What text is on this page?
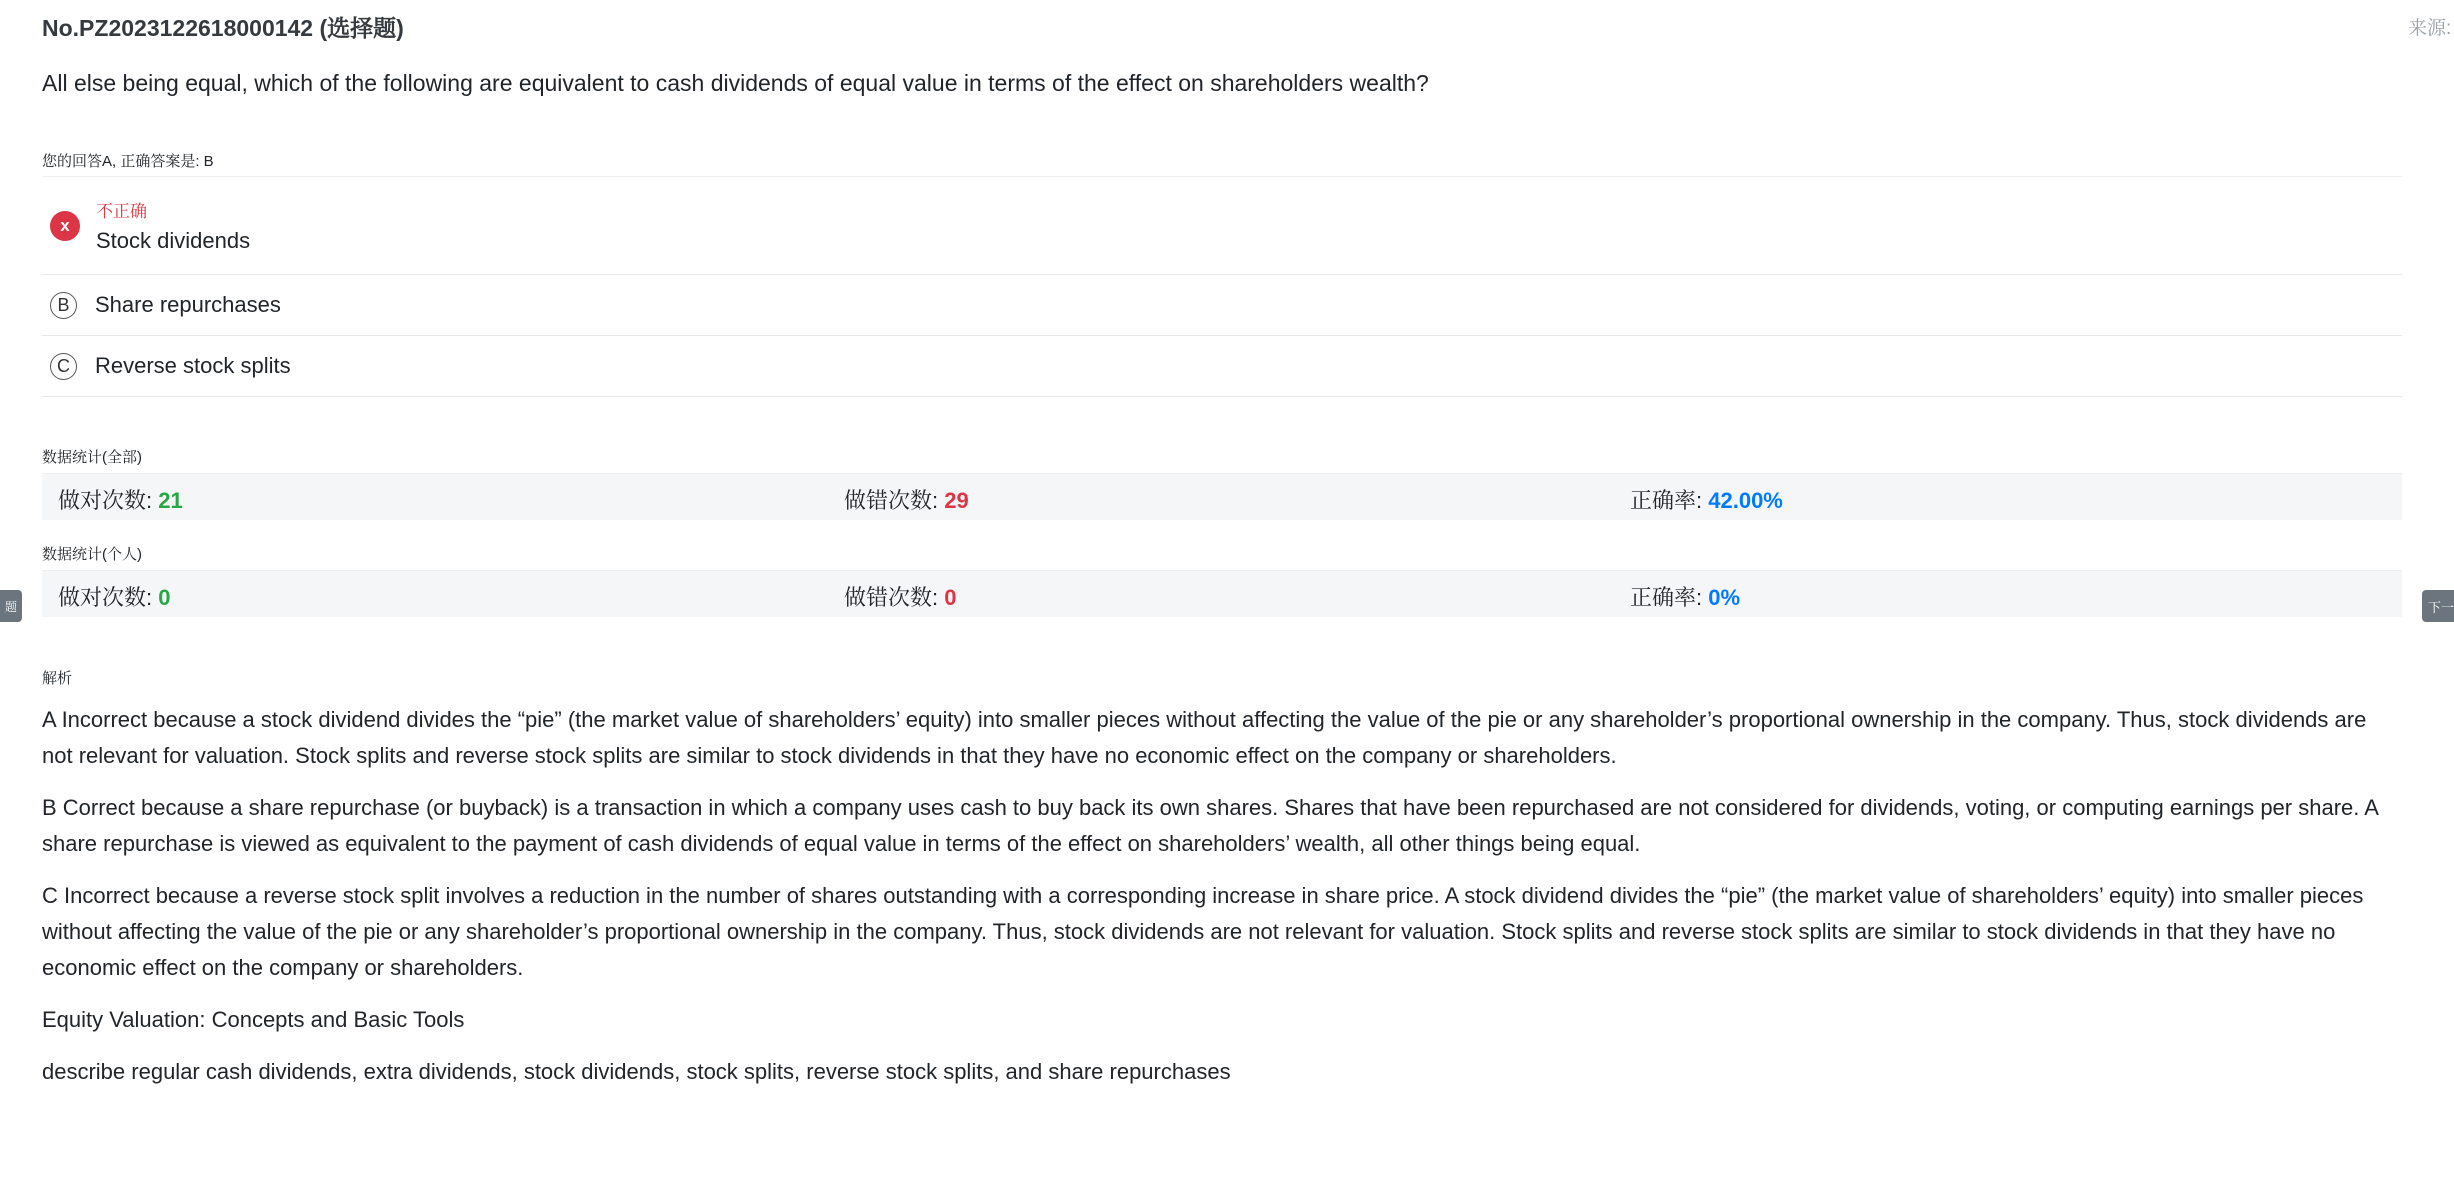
题	下一
来源:
No.PZ2023122618000142 (选择题)
All else being equal, which of the following are equivalent to cash dividends of equal value in terms of the effect on shareholders wealth?
您的回答A, 正确答案是: B
x
不正确
Stock dividends
B	Share repurchases
C	Reverse stock splits
数据统计(全部)
做对次数: 21	做错次数: 29	正确率: 42.00%
数据统计(个人)
做对次数: 0	做错次数: 0	正确率: 0%
解析

A Incorrect because a stock dividend divides the “pie” (the market value of shareholders’ equity) into smaller pieces without affecting the value of the pie or any shareholder’s proportional ownership in the company. Thus, stock dividends are not relevant for valuation. Stock splits and reverse stock splits are similar to stock dividends in that they have no economic effect on the company or shareholders.

B Correct because a share repurchase (or buyback) is a transaction in which a company uses cash to buy back its own shares. Shares that have been repurchased are not considered for dividends, voting, or computing earnings per share. A share repurchase is viewed as equivalent to the payment of cash dividends of equal value in terms of the effect on shareholders’ wealth, all other things being equal.

C Incorrect because a reverse stock split involves a reduction in the number of shares outstanding with a corresponding increase in share price. A stock dividend divides the “pie” (the market value of shareholders’ equity) into smaller pieces without affecting the value of the pie or any shareholder’s proportional ownership in the company. Thus, stock dividends are not relevant for valuation. Stock splits and reverse stock splits are similar to stock dividends in that they have no economic effect on the company or shareholders.

Equity Valuation: Concepts and Basic Tools

describe regular cash dividends, extra dividends, stock dividends, stock splits, reverse stock splits, and share repurchases
